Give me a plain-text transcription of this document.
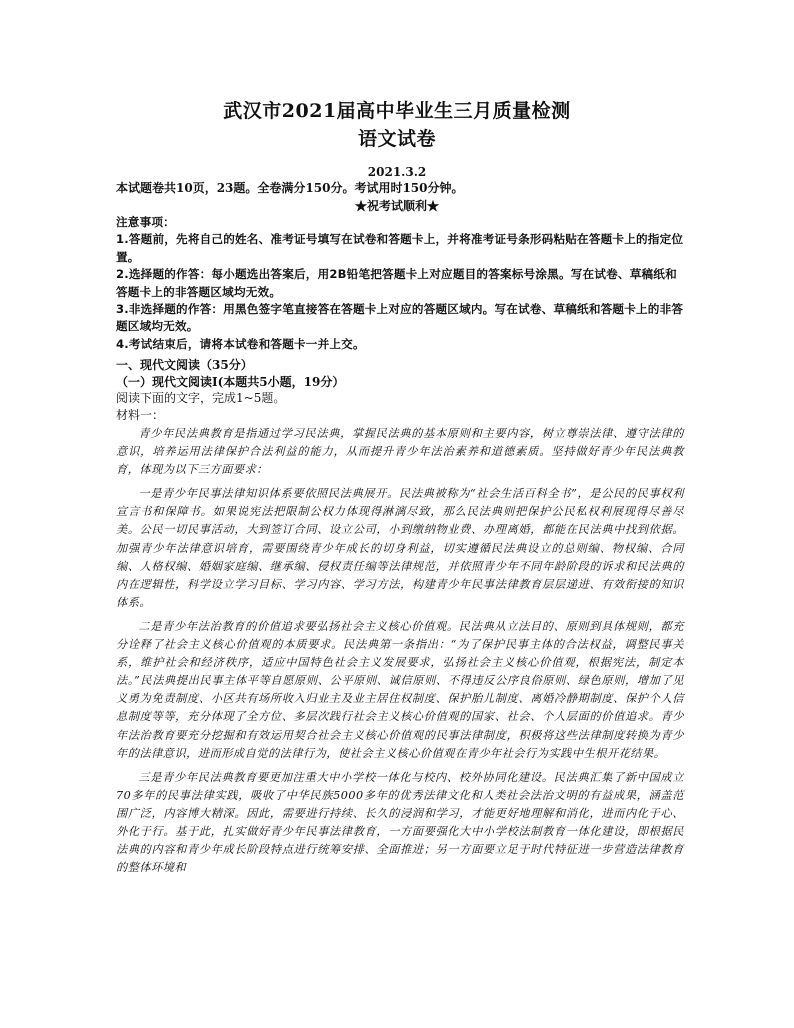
武汉市2021届高中毕业生三月质量检测
语文试卷
2021.3.2
本试题卷共10页，23题。全卷满分150分。考试用时150分钟。
★祝考试顺利★
注意事项：
1.答题前，先将自己的姓名、准考证号填写在试卷和答题卡上，并将准考证号条形码粘贴在答题卡上的指定位置。
2.选择题的作答：每小题选出答案后，用2B铅笔把答题卡上对应题目的答案标号涂黑。写在试卷、草稿纸和答题卡上的非答题区域均无效。
3.非选择题的作答：用黑色签字笔直接答在答题卡上对应的答题区域内。写在试卷、草稿纸和答题卡上的非答题区域均无效。
4.考试结束后，请将本试卷和答题卡一并上交。
一、现代文阅读（35分）
（一）现代文阅读I(本题共5小题，19分）
阅读下面的文字，完成1~5题。
材料一：

青少年民法典教育是指通过学习民法典，掌握民法典的基本原则和主要内容，树立尊崇法律、遵守法律的意识，培养运用法律保护合法利益的能力，从而提升青少年法治素养和道德素质。坚持做好青少年民法典教育，体现为以下三方面要求：

一是青少年民事法律知识体系要依照民法典展开。民法典被称为“社会生活百科全书”，是公民的民事权利宣言书和保障书。如果说宪法把限制公权力体现得淋漓尽致，那么民法典则把保护公民私权利展现得尽善尽美。公民一切民事活动，大到签订合同、设立公司，小到缴纳物业费、办理离婚，都能在民法典中找到依据。加强青少年法律意识培育，需要围绕青少年成长的切身利益，切实遵循民法典设立的总则编、物权编、合同编、人格权编、婚姻家庭编、继承编、侵权责任编等法律规范，并依照青少年不同年龄阶段的诉求和民法典的内在逻辑性，科学设立学习目标、学习内容、学习方法，构建青少年民事法律教育层层递进、有效衔接的知识体系。

二是青少年法治教育的价值追求要弘扬社会主义核心价值观。民法典从立法目的、原则到具体规则，都充分诠释了社会主义核心价值观的本质要求。民法典第一条指出：“为了保护民事主体的合法权益，调整民事关系，维护社会和经济秩序，适应中国特色社会主义发展要求，弘扬社会主义核心价值观，根据宪法，制定本法。”民法典提出民事主体平等自愿原则、公平原则、诚信原则、不得违反公序良俗原则、绿色原则，增加了见义勇为免责制度、小区共有场所收入归业主及业主居住权制度、保护胎儿制度、离婚冷静期制度、保护个人信息制度等等，充分体现了全方位、多层次践行社会主义核心价值观的国家、社会、个人层面的价值追求。青少年法治教育要充分挖掘和有效运用契合社会主义核心价值观的民事法律制度，积极将这些法律制度转换为青少年的法律意识，进而形成自觉的法律行为，使社会主义核心价值观在青少年社会行为实践中生根开花结果。

三是青少年民法典教育要更加注重大中小学校一体化与校内、校外协同化建设。民法典汇集了新中国成立70多年的民事法律实践，吸收了中华民族5000多年的优秀法律文化和人类社会法治文明的有益成果，涵盖范围广泛，内容博大精深。因此，需要进行持续、长久的浸润和学习，才能更好地理解和消化，进而内化于心、外化于行。基于此，扎实做好青少年民事法律教育，一方面要强化大中小学校法制教育一体化建设，即根据民法典的内容和青少年成长阶段特点进行统筹安排、全面推进；另一方面要立足于时代特征进一步营造法律教育的整体环境和
